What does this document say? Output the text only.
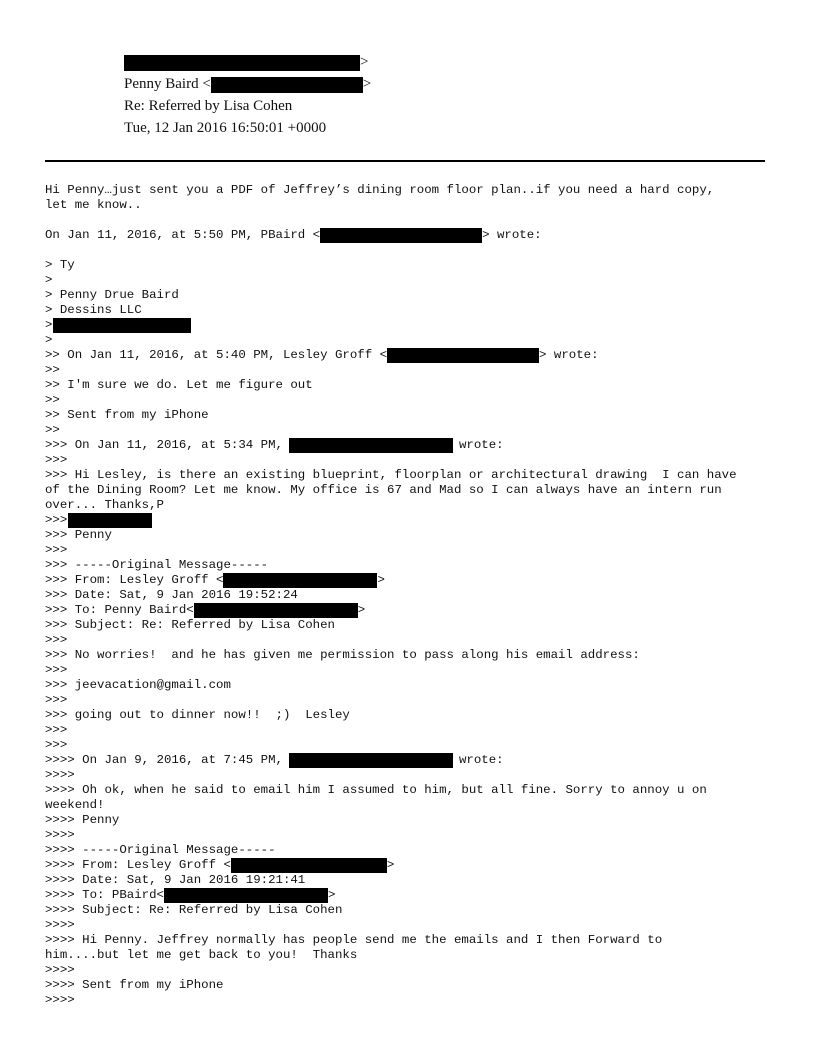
>
Penny Baird <	>
Re: Referred by Lisa Cohen
Tue, 12 Jan 2016 16:50:01 +0000
Hi Penny…just sent you a PDF of Jeffrey’s dining room floor plan..if you need a hard copy,
let me know..
On Jan 11, 2016, at 5:50 PM, PBaird <	> wrote:
> Ty
>
> Penny Drue Baird
> Dessins LLC
>
>
>> On Jan 11, 2016, at 5:40 PM, Lesley Groff <	> wrote:
>>
>> I'm sure we do. Let me figure out
>>
>> Sent from my iPhone
>>
>>> On Jan 11, 2016, at 5:34 PM,	wrote:
>>>
>>> Hi Lesley, is there an existing blueprint, floorplan or architectural drawing  I can have
of the Dining Room? Let me know. My office is 67 and Mad so I can always have an intern run
over... Thanks,P
>>>
>>> Penny
>>>
>>> -----Original Message-----
>>> From: Lesley Groff <	>
>>> Date: Sat, 9 Jan 2016 19:52:24
>>> To: Penny Baird<	>
>>> Subject: Re: Referred by Lisa Cohen
>>>
>>> No worries!  and he has given me permission to pass along his email address:
>>>
>>> jeevacation@gmail.com
>>>
>>> going out to dinner now!!  ;)  Lesley
>>>
>>>
>>>> On Jan 9, 2016, at 7:45 PM,	wrote:
>>>>
>>>> Oh ok, when he said to email him I assumed to him, but all fine. Sorry to annoy u on
weekend!
>>>> Penny
>>>>
>>>> -----Original Message-----
>>>> From: Lesley Groff <	>
>>>> Date: Sat, 9 Jan 2016 19:21:41
>>>> To: PBaird<	>
>>>> Subject: Re: Referred by Lisa Cohen
>>>>
>>>> Hi Penny. Jeffrey normally has people send me the emails and I then Forward to
him....but let me get back to you!  Thanks
>>>>
>>>> Sent from my iPhone
>>>>
